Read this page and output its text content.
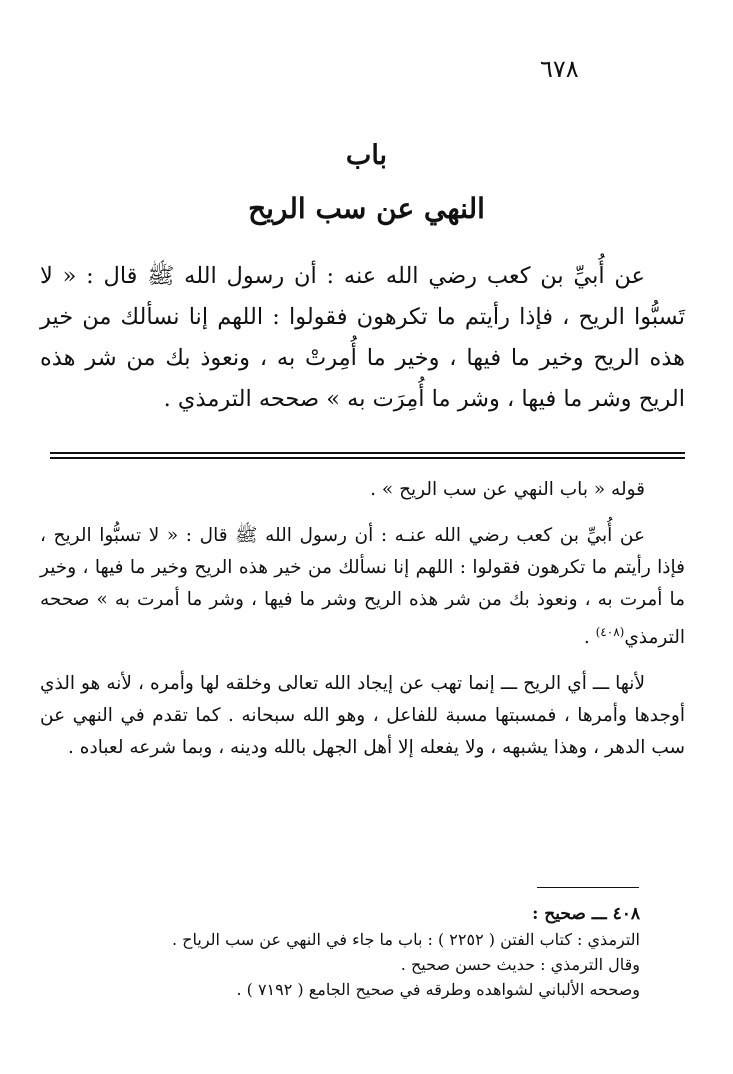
٦٧٨
باب
النهي عن سب الريح
عن أُبيِّ بن كعب رضي الله عنه : أن رسول الله ﷺ قال : « لا تَسبُّوا الريح ، فإذا رأيتم ما تكرهون فقولوا : اللهم إنا نسألك من خير هذه الريح وخير ما فيها ، وخير ما أُمِرتْ به ، ونعوذ بك من شر هذه الريح وشر ما فيها ، وشر ما أُمِرَت به » صححه الترمذي .

قوله « باب النهي عن سب الريح » .

عن أُبيِّ بن كعب رضي الله عنـه : أن رسول الله ﷺ قال : « لا تسبُّوا الريح ، فإذا رأيتم ما تكرهون فقولوا : اللهم إنا نسألك من خير هذه الريح وخير ما فيها ، وخير ما أمرت به ، ونعوذ بك من شر هذه الريح وشر ما فيها ، وشر ما أمرت به » صححه الترمذي$^{(٤٠٨)}$ .

لأنها ـــ أي الريح ـــ إنما تهب عن إيجاد الله تعالى وخلقه لها وأمره ، لأنه هو الذي أوجدها وأمرها ، فمسبتها مسبة للفاعل ، وهو الله سبحانه . كما تقدم في النهي عن سب الدهر ، وهذا يشبهه ، ولا يفعله إلا أهل الجهل بالله ودينه ، وبما شرعه لعباده .

٤٠٨ ـــ صحيح :
الترمذي : كتاب الفتن ( ٢٢٥٢ ) : باب ما جاء في النهي عن سب الرياح .
وقال الترمذي : حديث حسن صحيح .
وصححه الألباني لشواهده وطرقه في صحيح الجامع ( ٧١٩٢ ) .
